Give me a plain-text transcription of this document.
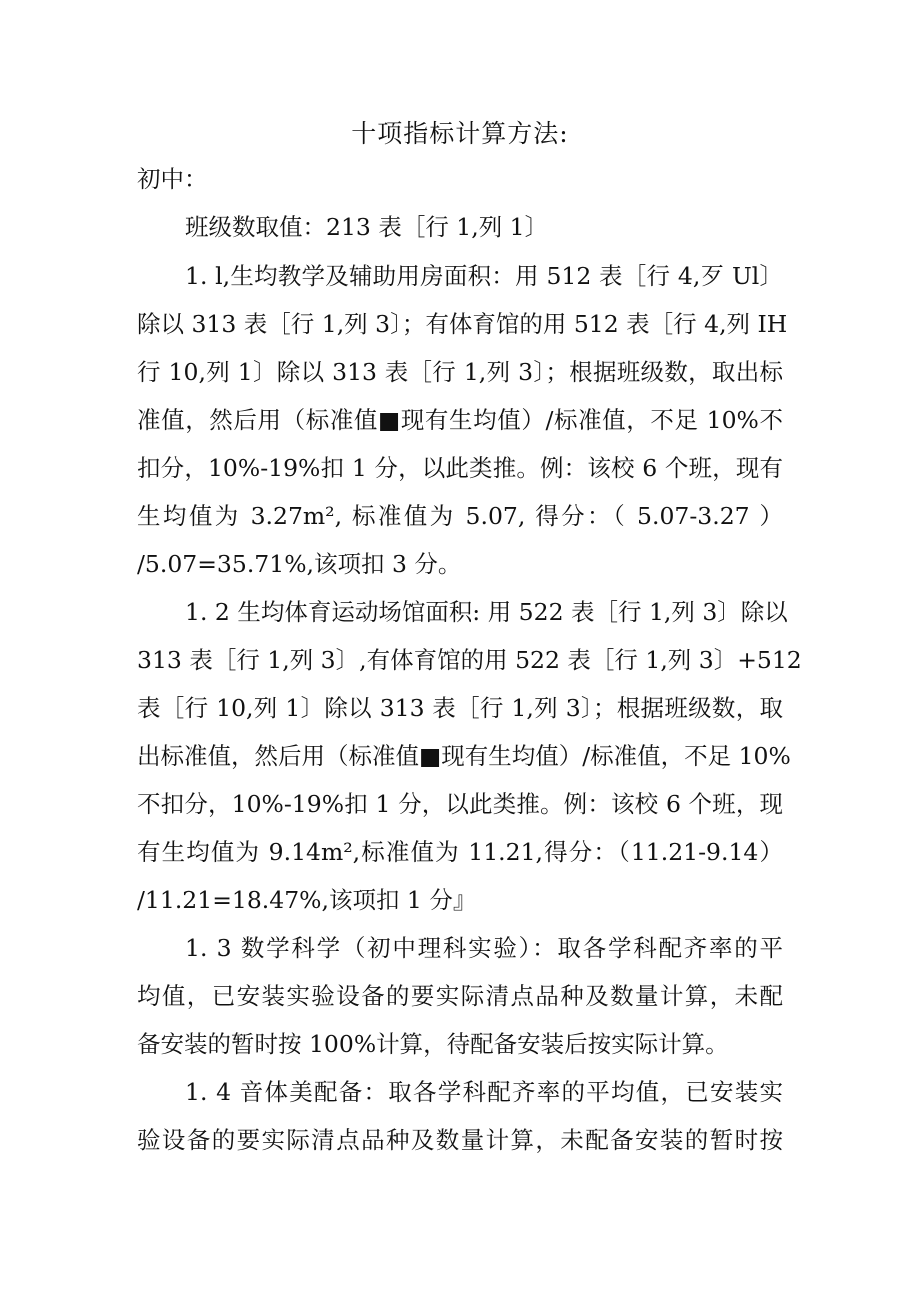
十项指标计算方法:
初中：
班级数取值：213 表［行 1,列 1〕
1. l,生均教学及辅助用房面积：用 512 表［行 4,歹 Ul〕
除以 313 表［行 1,列 3〕；有体育馆的用 512 表［行 4,列 IH
行 10,列 1〕除以 313 表［行 1,列 3〕；根据班级数，取出标
准值，然后用（标准值■现有生均值）/标准值，不足 10%不
扣分，10%-19%扣 1 分，以此类推。例：该校 6 个班，现有
生均值为 3.27m², 标准值为 5.07, 得分：（ 5.07-3.27 ）
/5.07=35.71%,该项扣 3 分。
1. 2 生均体育运动场馆面积: 用 522 表［行 1,列 3〕除以
313 表［行 1,列 3〕,有体育馆的用 522 表［行 1,列 3〕+512
表［行 10,列 1〕除以 313 表［行 1,列 3〕；根据班级数，取
出标准值，然后用（标准值■现有生均值）/标准值，不足 10%
不扣分，10%-19%扣 1 分，以此类推。例：该校 6 个班，现
有生均值为 9.14m²,标准值为 11.21,得分：（11.21-9.14）
/11.21=18.47%,该项扣 1 分』
1. 3 数学科学（初中理科实验）：取各学科配齐率的平
均值，已安装实验设备的要实际清点品种及数量计算，未配
备安装的暂时按 100%计算，待配备安装后按实际计算。
1. 4 音体美配备：取各学科配齐率的平均值，已安装实
验设备的要实际清点品种及数量计算，未配备安装的暂时按
